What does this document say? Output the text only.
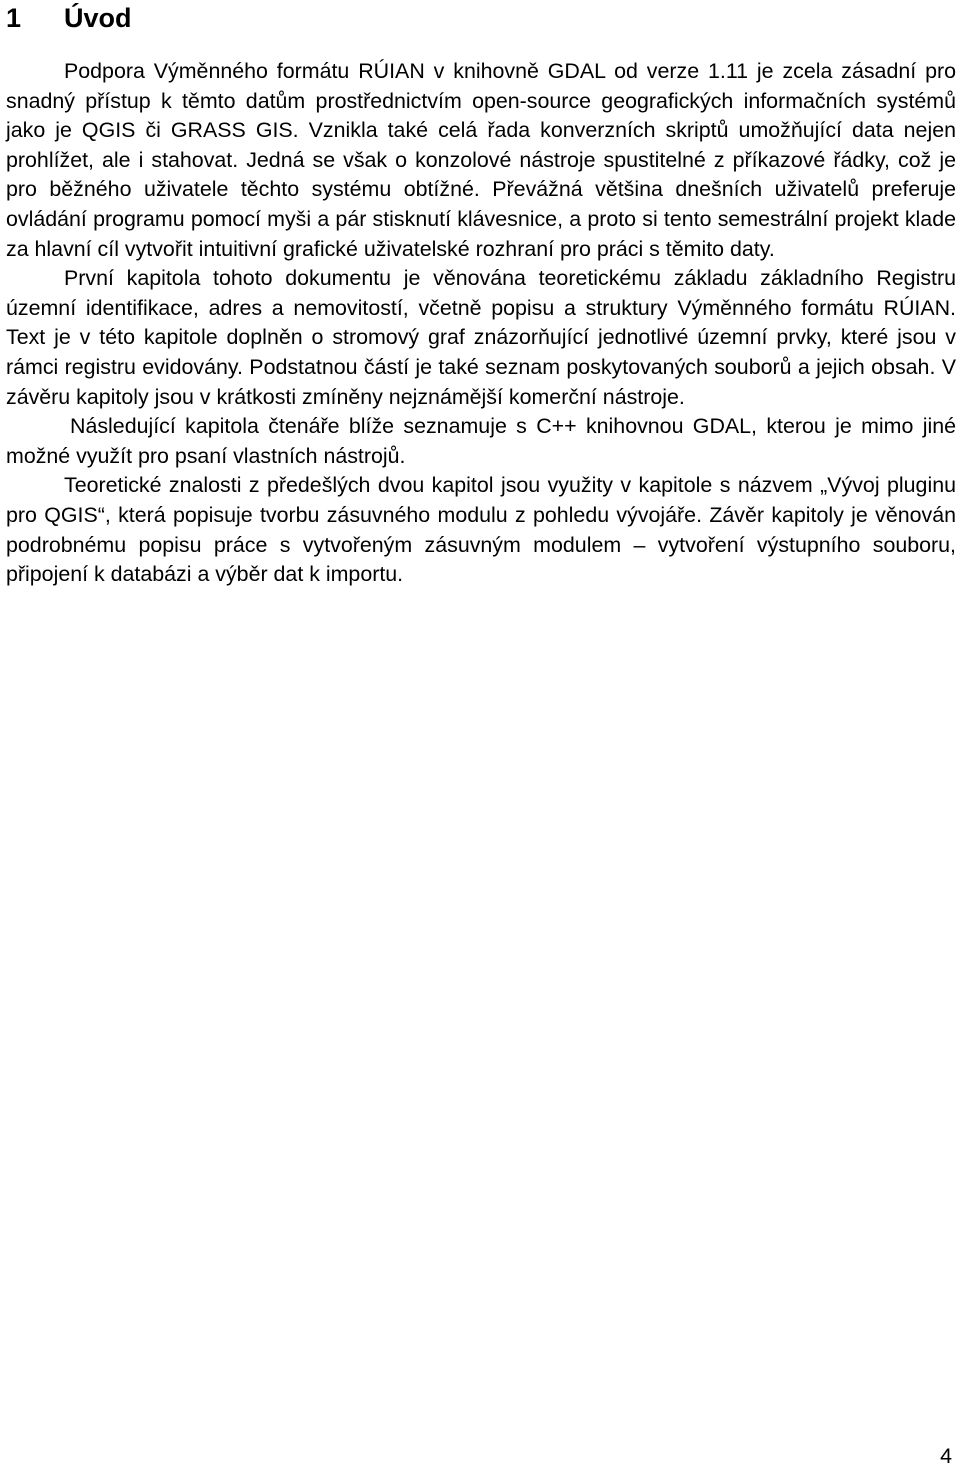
1 Úvod

Podpora Výměnného formátu RÚIAN v knihovně GDAL od verze 1.11 je zcela zásadní pro snadný přístup k těmto datům prostřednictvím open-source geografických informačních systémů jako je QGIS či GRASS GIS. Vznikla také celá řada konverzních skriptů umožňující data nejen prohlížet, ale i stahovat. Jedná se však o konzolové nástroje spustitelné z příkazové řádky, což je pro běžného uživatele těchto systému obtížné. Převážná většina dnešních uživatelů preferuje ovládání programu pomocí myši a pár stisknutí klávesnice, a proto si tento semestrální projekt klade za hlavní cíl vytvořit intuitivní grafické uživatelské rozhraní pro práci s těmito daty.

První kapitola tohoto dokumentu je věnována teoretickému základu základního Registru územní identifikace, adres a nemovitostí, včetně popisu a struktury Výměnného formátu RÚIAN. Text je v této kapitole doplněn o stromový graf znázorňující jednotlivé územní prvky, které jsou v rámci registru evidovány. Podstatnou částí je také seznam poskytovaných souborů a jejich obsah. V závěru kapitoly jsou v krátkosti zmíněny nejznámější komerční nástroje.

Následující kapitola čtenáře blíže seznamuje s C++ knihovnou GDAL, kterou je mimo jiné možné využít pro psaní vlastních nástrojů.

Teoretické znalosti z předešlých dvou kapitol jsou využity v kapitole s názvem „Vývoj pluginu pro QGIS“, která popisuje tvorbu zásuvného modulu z pohledu vývojáře. Závěr kapitoly je věnován podrobnému popisu práce s vytvořeným zásuvným modulem – vytvoření výstupního souboru, připojení k databázi a výběr dat k importu.

4
